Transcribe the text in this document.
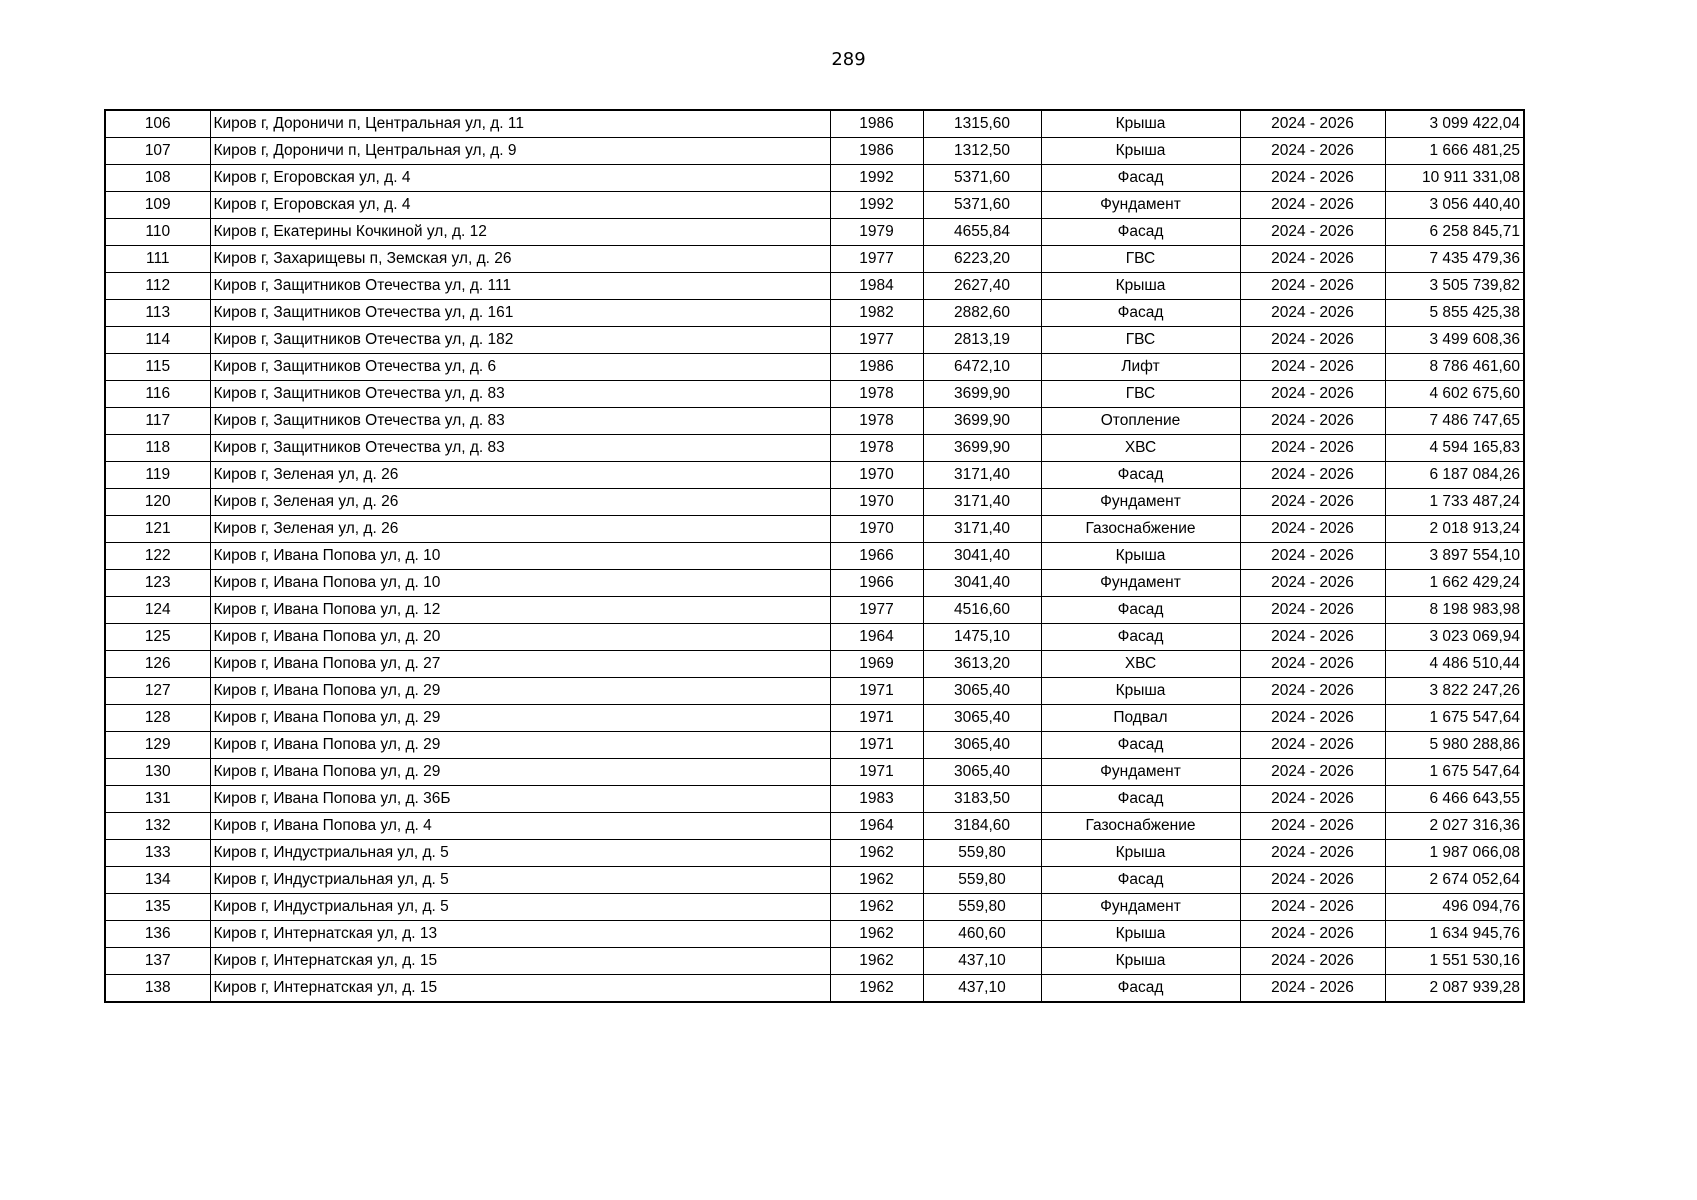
289
106	Киров г, Дороничи п, Центральная ул, д. 11	1986	1315,60	Крыша	2024 - 2026	3 099 422,04
107	Киров г, Дороничи п, Центральная ул, д. 9	1986	1312,50	Крыша	2024 - 2026	1 666 481,25
108	Киров г, Егоровская ул, д. 4	1992	5371,60	Фасад	2024 - 2026	10 911 331,08
109	Киров г, Егоровская ул, д. 4	1992	5371,60	Фундамент	2024 - 2026	3 056 440,40
110	Киров г, Екатерины Кочкиной ул, д. 12	1979	4655,84	Фасад	2024 - 2026	6 258 845,71
111	Киров г, Захарищевы п, Земская ул, д. 26	1977	6223,20	ГВС	2024 - 2026	7 435 479,36
112	Киров г, Защитников Отечества ул, д. 111	1984	2627,40	Крыша	2024 - 2026	3 505 739,82
113	Киров г, Защитников Отечества ул, д. 161	1982	2882,60	Фасад	2024 - 2026	5 855 425,38
114	Киров г, Защитников Отечества ул, д. 182	1977	2813,19	ГВС	2024 - 2026	3 499 608,36
115	Киров г, Защитников Отечества ул, д. 6	1986	6472,10	Лифт	2024 - 2026	8 786 461,60
116	Киров г, Защитников Отечества ул, д. 83	1978	3699,90	ГВС	2024 - 2026	4 602 675,60
117	Киров г, Защитников Отечества ул, д. 83	1978	3699,90	Отопление	2024 - 2026	7 486 747,65
118	Киров г, Защитников Отечества ул, д. 83	1978	3699,90	ХВС	2024 - 2026	4 594 165,83
119	Киров г, Зеленая ул, д. 26	1970	3171,40	Фасад	2024 - 2026	6 187 084,26
120	Киров г, Зеленая ул, д. 26	1970	3171,40	Фундамент	2024 - 2026	1 733 487,24
121	Киров г, Зеленая ул, д. 26	1970	3171,40	Газоснабжение	2024 - 2026	2 018 913,24
122	Киров г, Ивана Попова ул, д. 10	1966	3041,40	Крыша	2024 - 2026	3 897 554,10
123	Киров г, Ивана Попова ул, д. 10	1966	3041,40	Фундамент	2024 - 2026	1 662 429,24
124	Киров г, Ивана Попова ул, д. 12	1977	4516,60	Фасад	2024 - 2026	8 198 983,98
125	Киров г, Ивана Попова ул, д. 20	1964	1475,10	Фасад	2024 - 2026	3 023 069,94
126	Киров г, Ивана Попова ул, д. 27	1969	3613,20	ХВС	2024 - 2026	4 486 510,44
127	Киров г, Ивана Попова ул, д. 29	1971	3065,40	Крыша	2024 - 2026	3 822 247,26
128	Киров г, Ивана Попова ул, д. 29	1971	3065,40	Подвал	2024 - 2026	1 675 547,64
129	Киров г, Ивана Попова ул, д. 29	1971	3065,40	Фасад	2024 - 2026	5 980 288,86
130	Киров г, Ивана Попова ул, д. 29	1971	3065,40	Фундамент	2024 - 2026	1 675 547,64
131	Киров г, Ивана Попова ул, д. 36Б	1983	3183,50	Фасад	2024 - 2026	6 466 643,55
132	Киров г, Ивана Попова ул, д. 4	1964	3184,60	Газоснабжение	2024 - 2026	2 027 316,36
133	Киров г, Индустриальная ул, д. 5	1962	559,80	Крыша	2024 - 2026	1 987 066,08
134	Киров г, Индустриальная ул, д. 5	1962	559,80	Фасад	2024 - 2026	2 674 052,64
135	Киров г, Индустриальная ул, д. 5	1962	559,80	Фундамент	2024 - 2026	496 094,76
136	Киров г, Интернатская ул, д. 13	1962	460,60	Крыша	2024 - 2026	1 634 945,76
137	Киров г, Интернатская ул, д. 15	1962	437,10	Крыша	2024 - 2026	1 551 530,16
138	Киров г, Интернатская ул, д. 15	1962	437,10	Фасад	2024 - 2026	2 087 939,28
